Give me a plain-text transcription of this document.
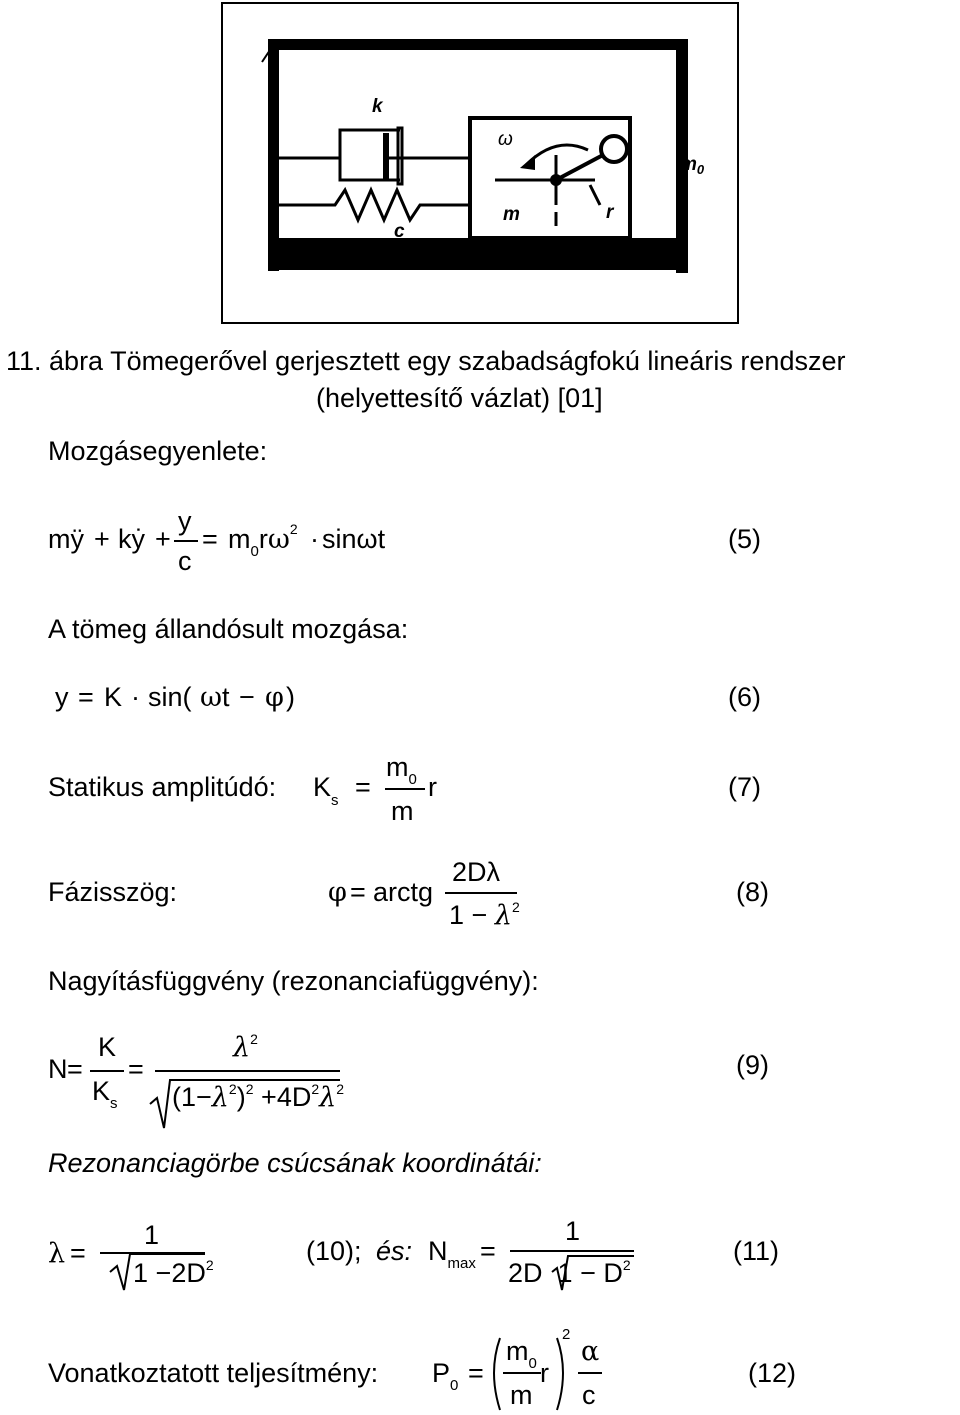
k
ω
$m_0$
m	r
c
11. ábra Tömegerővel gerjesztett egy szabadságfokú lineáris rendszer
(helyettesítő vázlat) [01]
Mozgásegyenlete:
mÿ + kẏ +
y
c
= $m_0r\omega^2 \cdot \sin\omega t$	(5)
A tömeg állandósult mozgása:
y = K · sin( ω t − φ )	(6)
Statikus amplitúdó: $K_s$ =
$m_0$
m
r	(7)
Fázisszög:	φ = arctg
2Dλ
$1 - \lambda^2$	(8)
Nagyításfüggvény (rezonanciafüggvény):
N =
K
$K_s$
=
$\lambda^2$
$(1-\lambda^2)^2 +4D^2\lambda^2$
(9)
Rezonanciagörbe csúcsának koordinátái:
λ =
1
$1 -2D^2$	(10); és: $N_{max}$ =
1
2D $1 - D^2$	(11)
Vonatkoztatott teljesítmény: $P_0$ =
$m_0$
m
r
2
α
c
(12)
